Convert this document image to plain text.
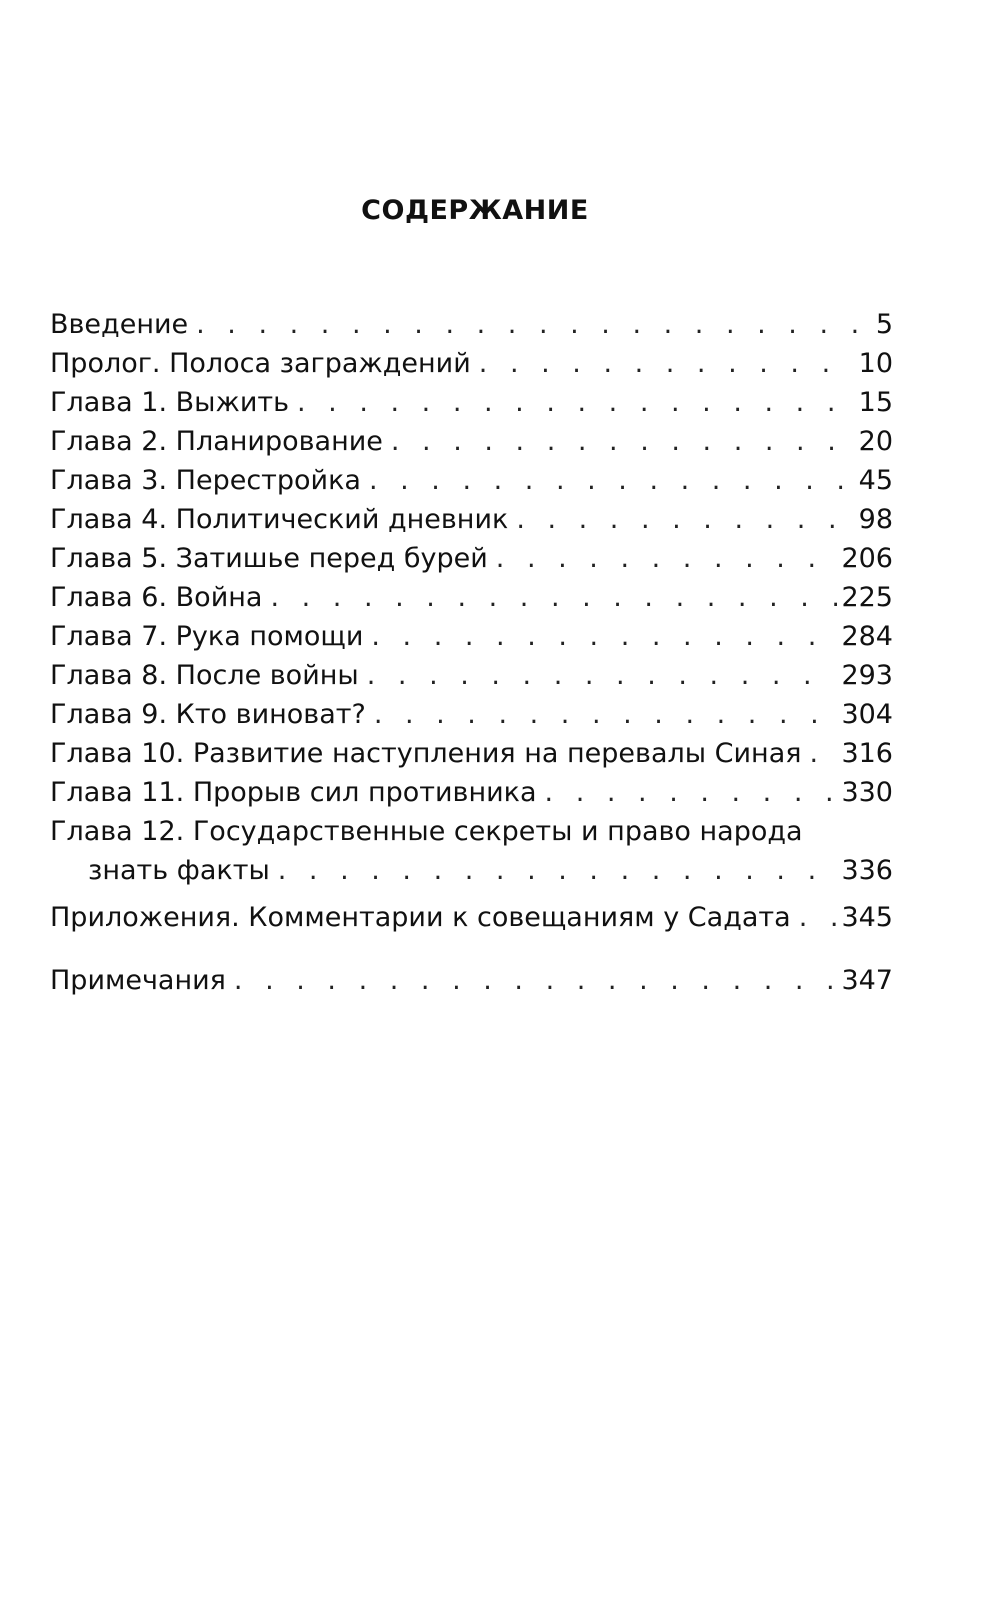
СОДЕРЖАНИЕ
Введение . . .	5
Пролог. Полоса заграждений . . .	10
Глава 1. Выжить . . .	15
Глава 2. Планирование . . .	20
Глава 3. Перестройка . . .	45
Глава 4. Политический дневник . . .	98
Глава 5. Затишье перед бурей . . .	206
Глава 6. Война . . .	225
Глава 7. Рука помощи . . .	284
Глава 8. После войны . . .	293
Глава 9. Кто виноват? . . .	304
Глава 10. Развитие наступления на перевалы Синая . . . 316
Глава 11. Прорыв сил противника . . .	330
Глава 12. Государственные секреты и право народа
знать факты . . .	336
Приложения. Комментарии к совещаниям у Садата . . . 345
Примечания . . .	347
